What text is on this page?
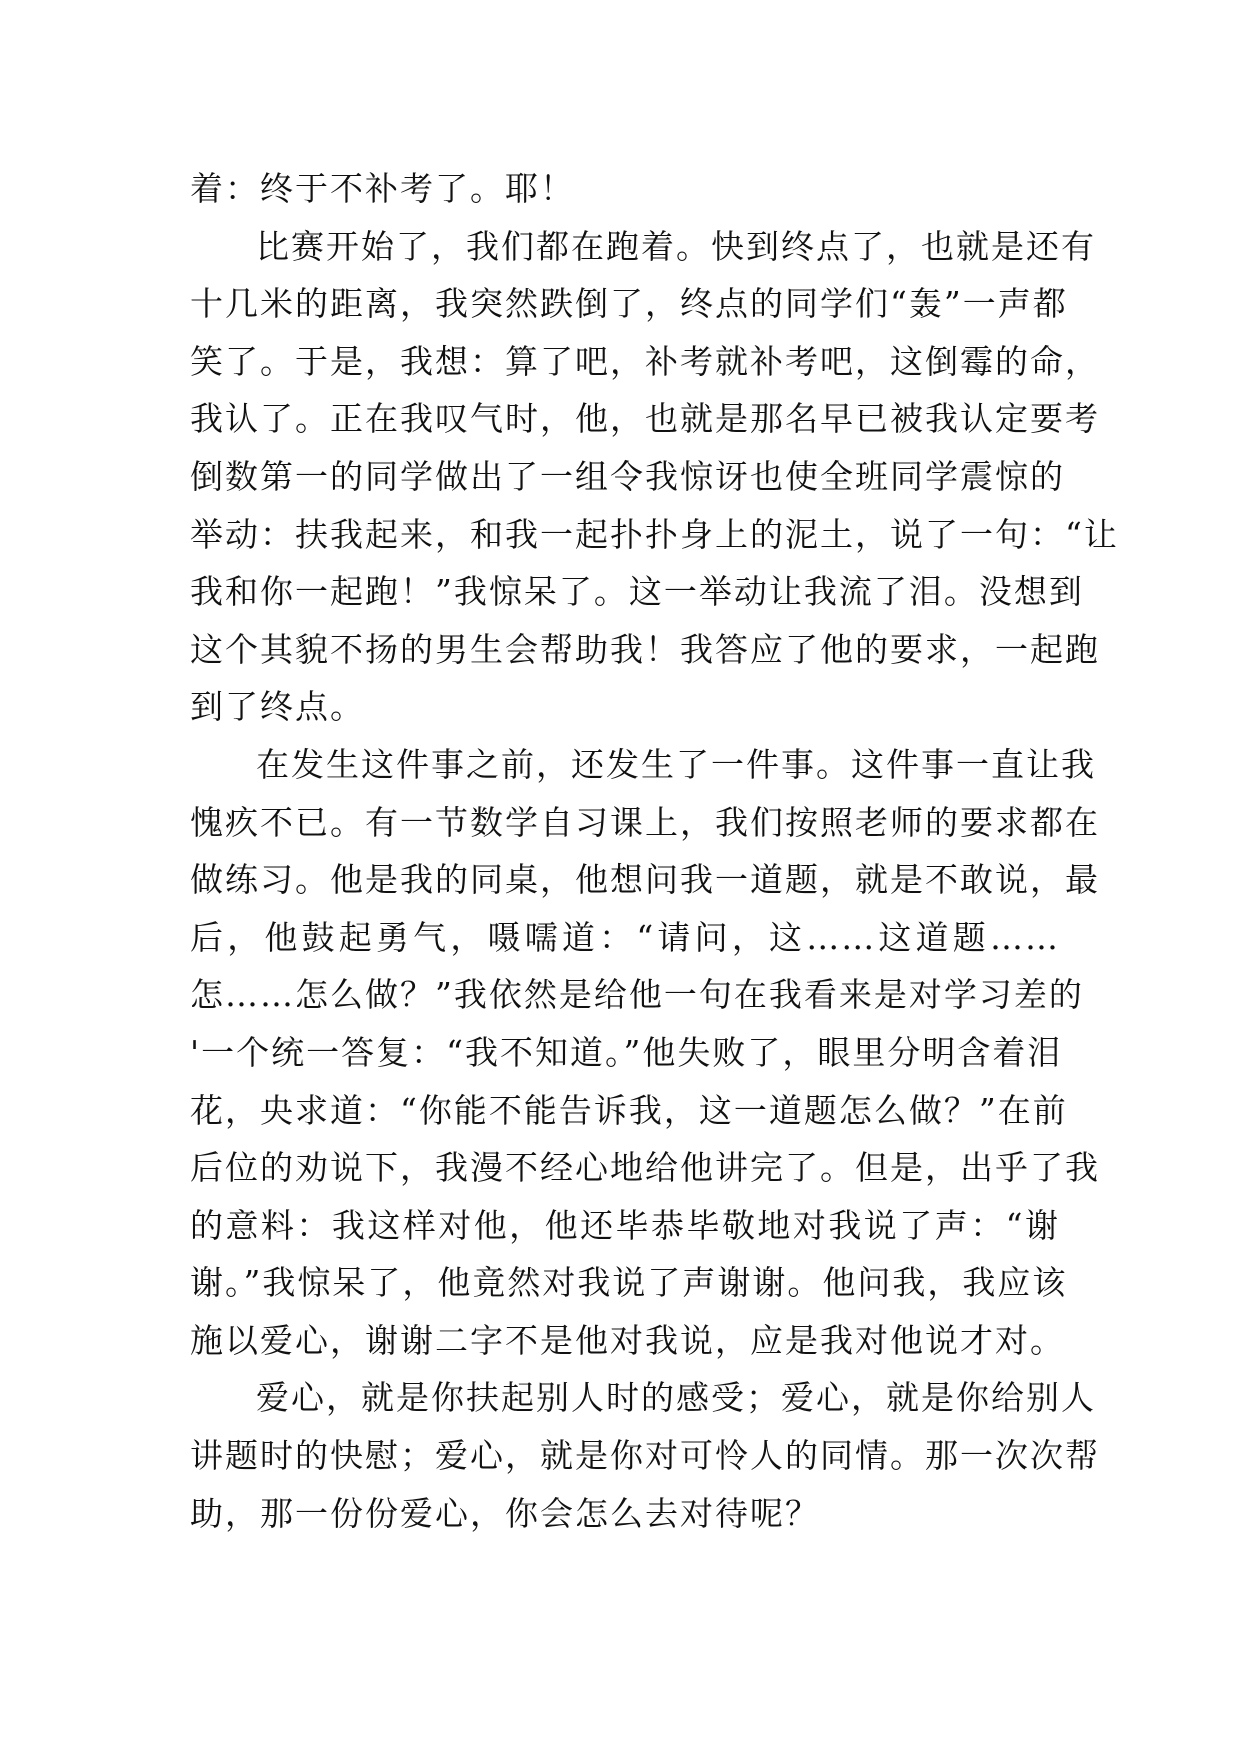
着：终于不补考了。耶！
比赛开始了，我们都在跑着。快到终点了，也就是还有
十几米的距离，我突然跌倒了，终点的同学们“轰”一声都
笑了。于是，我想：算了吧，补考就补考吧，这倒霉的命，
我认了。正在我叹气时，他，也就是那名早已被我认定要考
倒数第一的同学做出了一组令我惊讶也使全班同学震惊的
举动：扶我起来，和我一起扑扑身上的泥土，说了一句：“让
我和你一起跑！”我惊呆了。这一举动让我流了泪。没想到
这个其貌不扬的男生会帮助我！我答应了他的要求，一起跑
到了终点。
在发生这件事之前，还发生了一件事。这件事一直让我
愧疚不已。有一节数学自习课上，我们按照老师的要求都在
做练习。他是我的同桌，他想问我一道题，就是不敢说，最
后，他鼓起勇气，嗫嚅道：“请问，这……这道题……
怎……怎么做？”我依然是给他一句在我看来是对学习差的
'一个统一答复：“我不知道。”他失败了，眼里分明含着泪
花，央求道：“你能不能告诉我，这一道题怎么做？”在前
后位的劝说下，我漫不经心地给他讲完了。但是，出乎了我
的意料：我这样对他，他还毕恭毕敬地对我说了声：“谢
谢。”我惊呆了，他竟然对我说了声谢谢。他问我，我应该
施以爱心，谢谢二字不是他对我说，应是我对他说才对。
爱心，就是你扶起别人时的感受；爱心，就是你给别人
讲题时的快慰；爱心，就是你对可怜人的同情。那一次次帮
助，那一份份爱心，你会怎么去对待呢？
